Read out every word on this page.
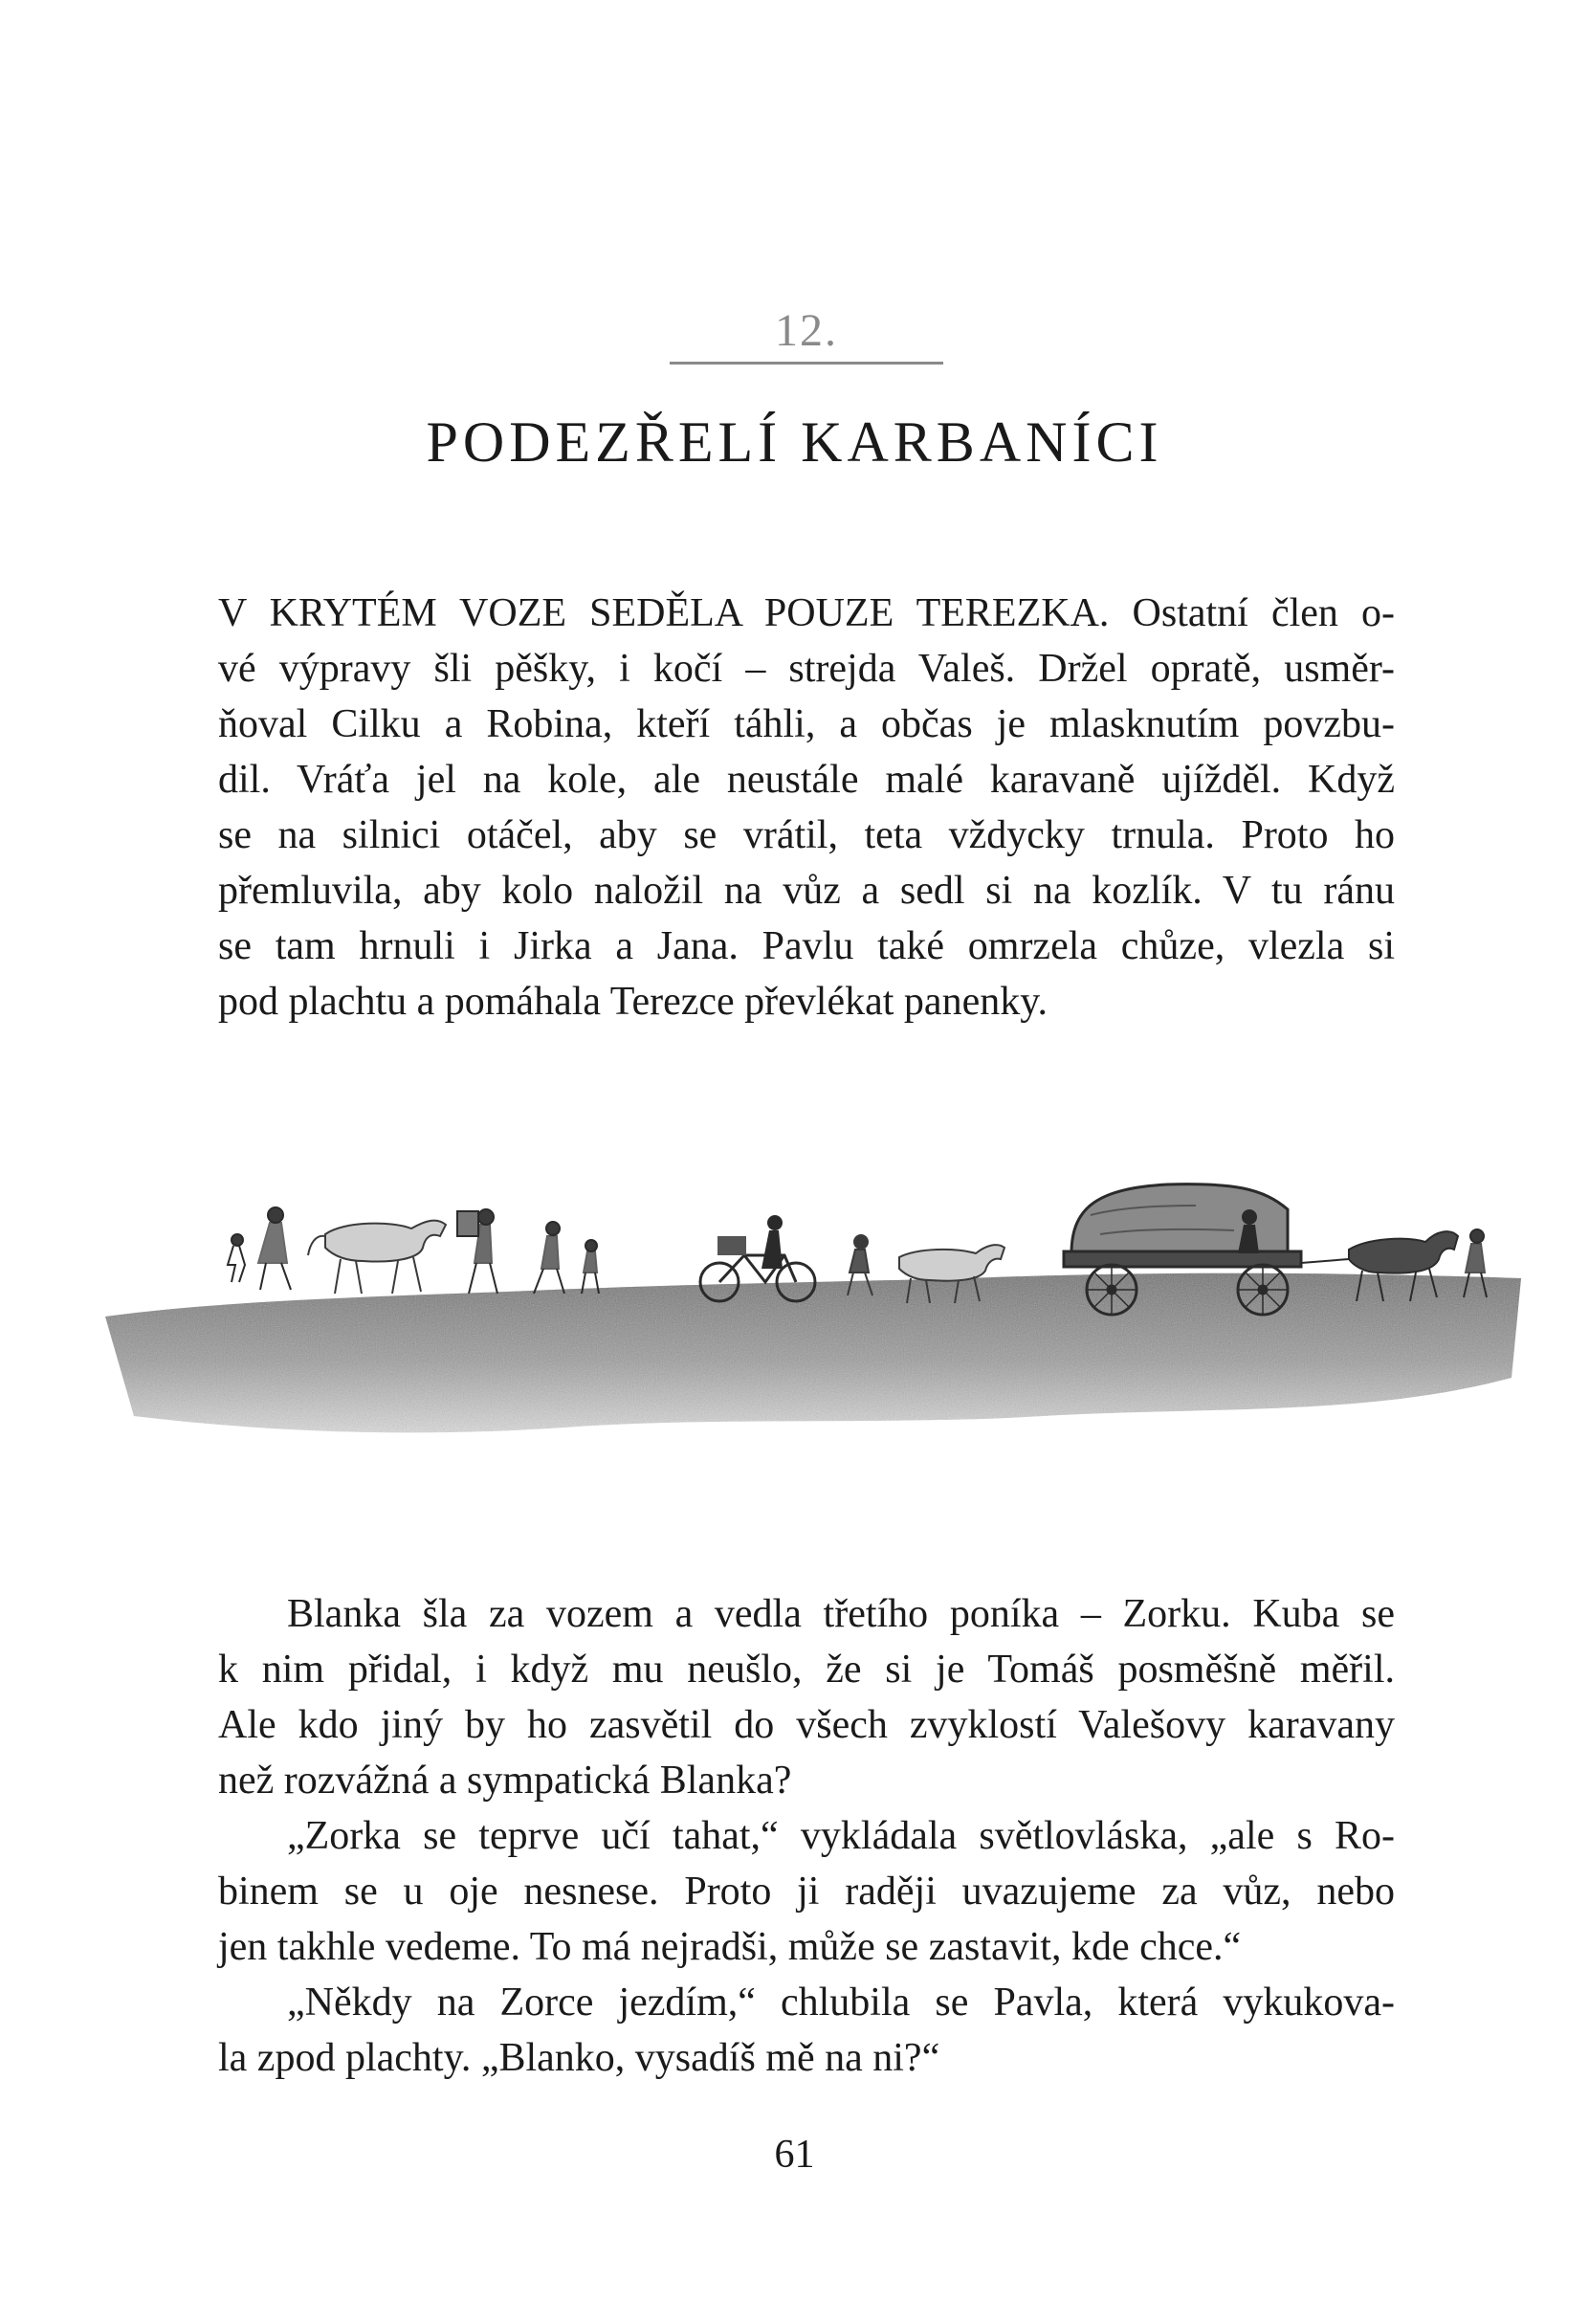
12.
PODEZŘELÍ KARBANÍCI
V KRYTÉM VOZE SEDĚLA POUZE TEREZKA. Ostatní člen o-
vé výpravy šli pěšky, i kočí – strejda Valeš. Držel opratě, usměr-
ňoval Cilku a Robina, kteří táhli, a občas je mlasknutím povzbu-
dil. Vráťa jel na kole, ale neustále malé karavaně ujížděl. Když
se na silnici otáčel, aby se vrátil, teta vždycky trnula. Proto ho
přemluvila, aby kolo naložil na vůz a sedl si na kozlík. V tu ránu
se tam hrnuli i Jirka a Jana. Pavlu také omrzela chůze, vlezla si
pod plachtu a pomáhala Terezce převlékat panenky.
Blanka šla za vozem a vedla třetího poníka – Zorku. Kuba se
k nim přidal, i když mu neušlo, že si je Tomáš posměšně měřil.
Ale kdo jiný by ho zasvětil do všech zvyklostí Valešovy karavany
než rozvážná a sympatická Blanka?
„Zorka se teprve učí tahat,“ vykládala světlovláska, „ale s Ro-
binem se u oje nesnese. Proto ji raději uvazujeme za vůz, nebo
jen takhle vedeme. To má nejradši, může se zastavit, kde chce.“
„Někdy na Zorce jezdím,“ chlubila se Pavla, která vykukova-
la zpod plachty. „Blanko, vysadíš mě na ni?“
61
